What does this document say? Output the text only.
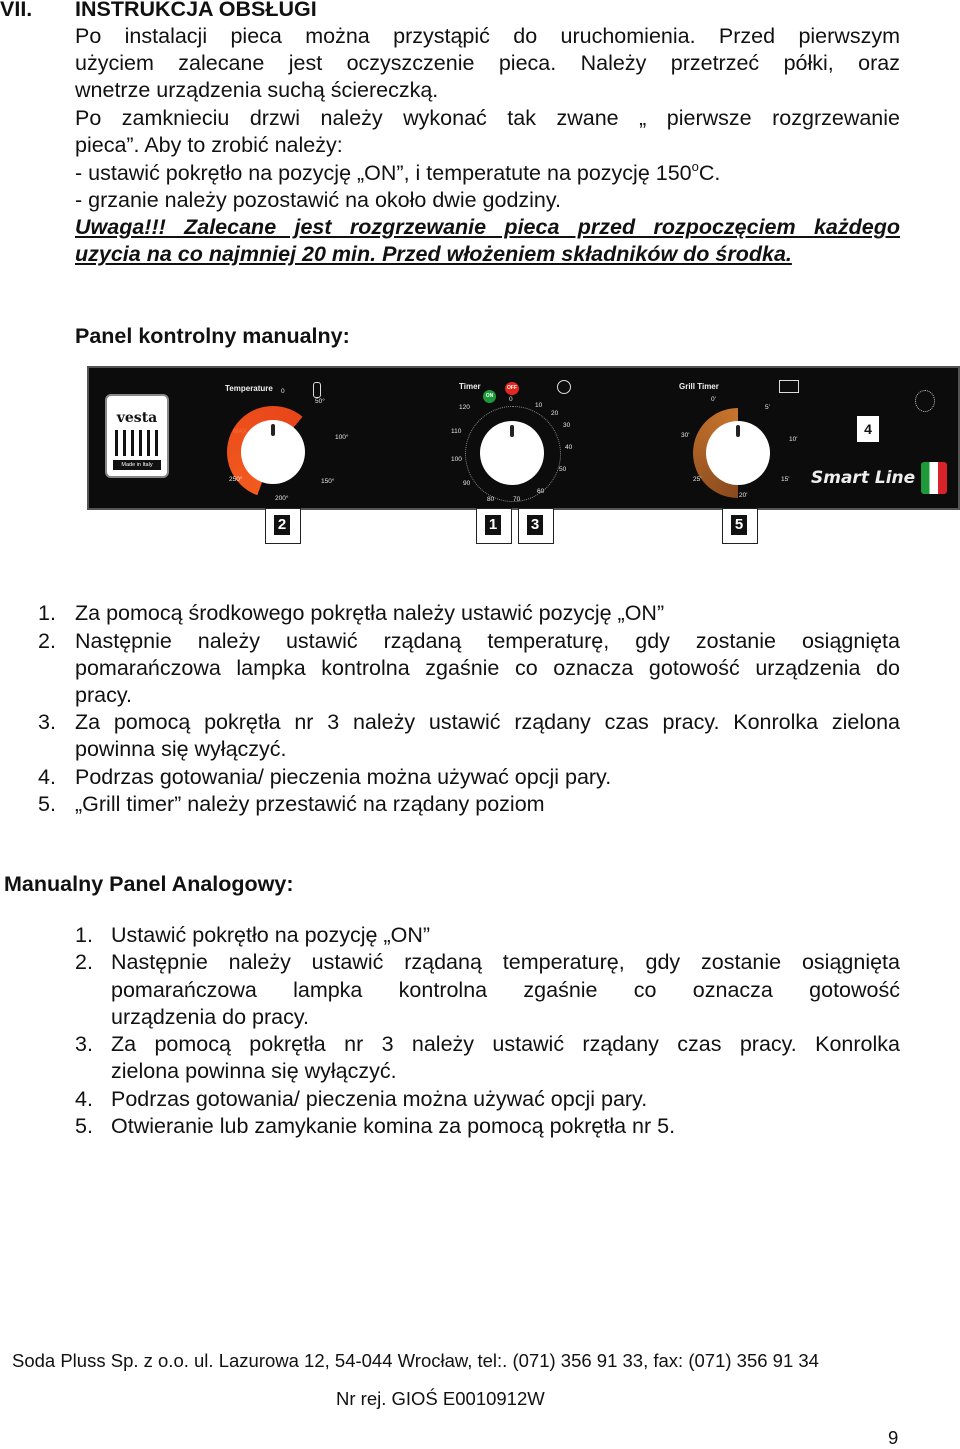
VII. INSTRUKCJA OBSŁUGI
Po instalacji pieca można przystąpić do uruchomienia. Przed pierwszym
użyciem zalecane jest oczyszczenie pieca. Należy przetrzeć półki, oraz
wnetrze urządzenia suchą ściereczką.
Po zamknieciu drzwi należy wykonać tak zwane „ pierwsze rozgrzewanie
pieca”. Aby to zrobić należy:
- ustawić pokrętło na pozycję „ON”, i temperatute na pozycję 150$^o$C.
- grzanie należy pozostawić na około dwie godziny.
Uwaga!!! Zalecane jest rozgrzewanie pieca przed rozpoczęciem każdego
uzycia na co najmniej 20 min. Przed włożeniem składników do środka.
Panel kontrolny manualny:
vesta
Made in Italy
Temperature 0
50°
100°
MAX
150°
200°
250°
Timer
ON
OFF
120
0
10
20
30
40
50
60
70
80
90
100
110
Grill Timer
0'
5'
10'
15'
20'
25'
30'	4
Smart Line
2	1 3	5
1. Za pomocą środkowego pokrętła należy ustawić pozycję „ON”
2. Następnie należy ustawić rządaną temperaturę, gdy zostanie osiągnięta
pomarańczowa lampka kontrolna zgaśnie co oznacza gotowość urządzenia do
pracy.
3. Za pomocą pokrętła nr 3 należy ustawić rządany czas pracy. Konrolka zielona
powinna się wyłączyć.
4. Podrzas gotowania/ pieczenia można używać opcji pary.
5. „Grill timer” należy przestawić na rządany poziom
Manualny Panel Analogowy:
1. Ustawić pokrętło na pozycję „ON”
2. Następnie należy ustawić rządaną temperaturę, gdy zostanie osiągnięta
pomarańczowa lampka kontrolna zgaśnie co oznacza gotowość
urządzenia do pracy.
3. Za pomocą pokrętła nr 3 należy ustawić rządany czas pracy. Konrolka
zielona powinna się wyłączyć.
4. Podrzas gotowania/ pieczenia można używać opcji pary.
5. Otwieranie lub zamykanie komina za pomocą pokrętła nr 5.
Soda Pluss Sp. z o.o. ul. Lazurowa 12, 54-044 Wrocław, tel:. (071) 356 91 33, fax: (071) 356 91 34
Nr rej. GIOŚ E0010912W
9
